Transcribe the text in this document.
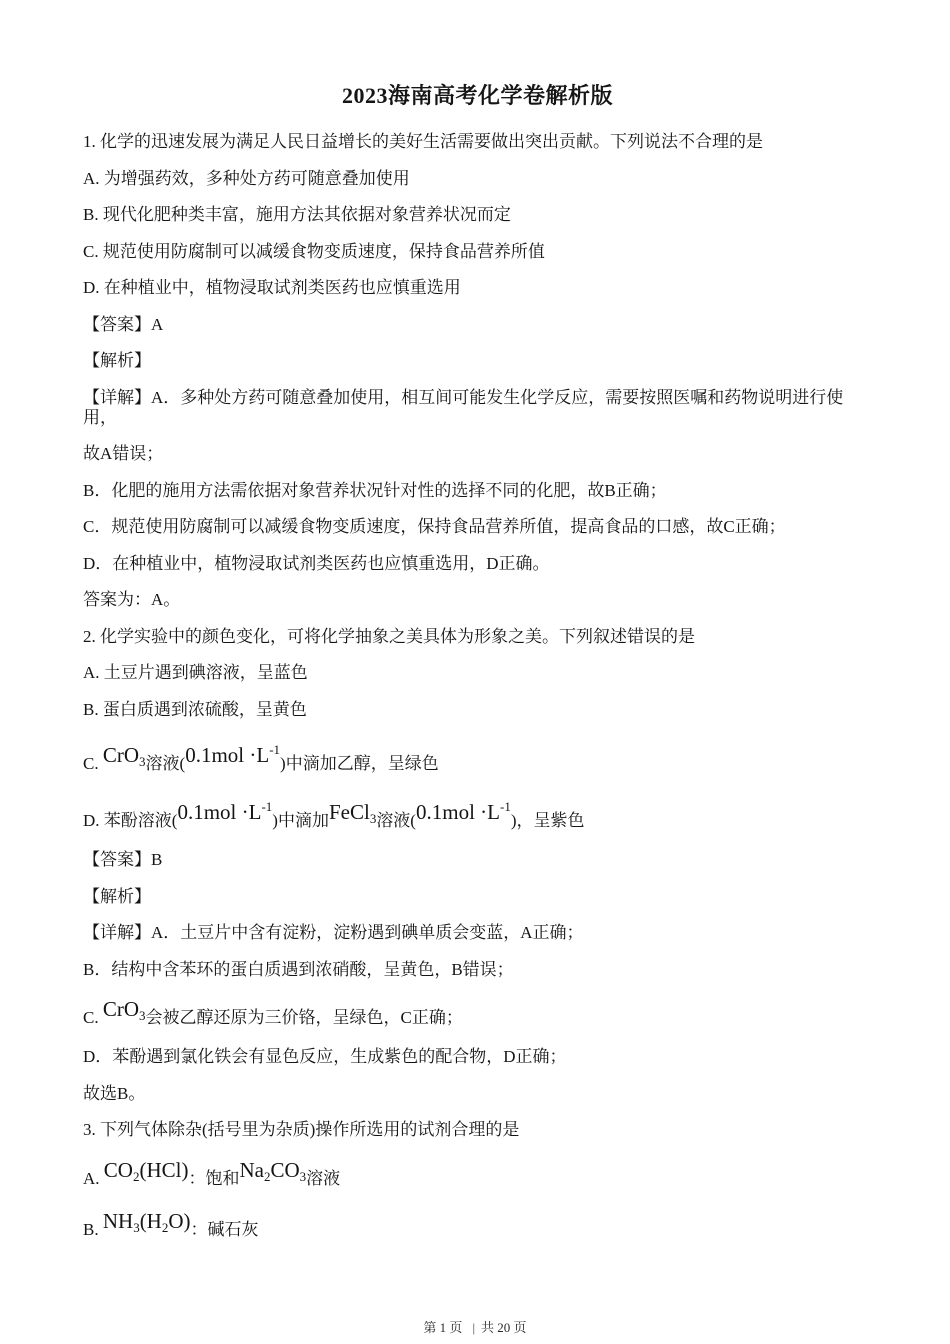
2023海南高考化学卷解析版
1. 化学的迅速发展为满足人民日益增长的美好生活需要做出突出贡献。下列说法不合理的是
A. 为增强药效，多种处方药可随意叠加使用
B. 现代化肥种类丰富，施用方法其依据对象营养状况而定
C. 规范使用防腐制可以减缓食物变质速度，保持食品营养所值
D. 在种植业中，植物浸取试剂类医药也应慎重选用
【答案】A
【解析】
【详解】A．多种处方药可随意叠加使用，相互间可能发生化学反应，需要按照医嘱和药物说明进行使用，
故A错误；
B．化肥的施用方法需依据对象营养状况针对性的选择不同的化肥，故B正确；
C．规范使用防腐制可以减缓食物变质速度，保持食品营养所值，提高食品的口感，故C正确；
D．在种植业中，植物浸取试剂类医药也应慎重选用，D正确。
答案为：A。
2. 化学实验中的颜色变化，可将化学抽象之美具体为形象之美。下列叙述错误的是
A. 土豆片遇到碘溶液，呈蓝色
B. 蛋白质遇到浓硫酸，呈黄色
C. CrO3溶液$(0.1mol \cdot L^{-1})$中滴加乙醇，呈绿色
D. 苯酚溶液$(0.1mol \cdot L^{-1})$中滴加FeCl3溶液$(0.1mol \cdot L^{-1})$，呈紫色
【答案】B
【解析】
【详解】A．土豆片中含有淀粉，淀粉遇到碘单质会变蓝，A正确；
B．结构中含苯环的蛋白质遇到浓硝酸，呈黄色，B错误；
C. CrO3会被乙醇还原为三价铬，呈绿色，C正确；
D．苯酚遇到氯化铁会有显色反应，生成紫色的配合物，D正确；
故选B。
3. 下列气体除杂(括号里为杂质)操作所选用的试剂合理的是
A. CO2(HCl)：饱和Na2CO3溶液
B. NH3(H2O)：碱石灰
第 1 页 | 共 20 页
